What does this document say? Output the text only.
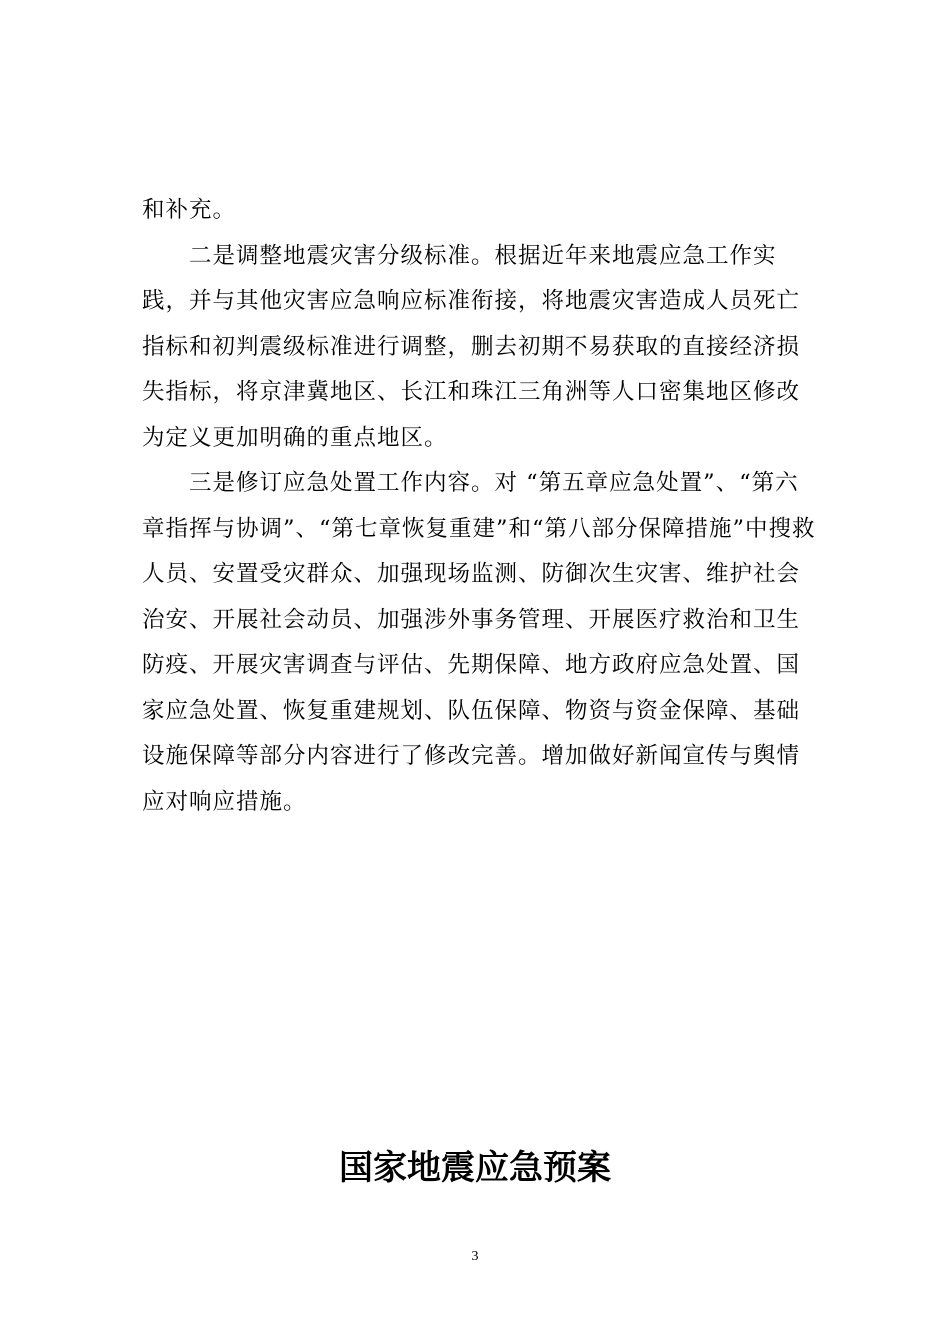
和补充。

二是调整地震灾害分级标准。根据近年来地震应急工作实践，并与其他灾害应急响应标准衔接，将地震灾害造成人员死亡指标和初判震级标准进行调整，删去初期不易获取的直接经济损失指标，将京津冀地区、长江和珠江三角洲等人口密集地区修改为定义更加明确的重点地区。

三是修订应急处置工作内容。对 “第五章应急处置”、“第六章指挥与协调”、“第七章恢复重建”和“第八部分保障措施”中搜救人员、安置受灾群众、加强现场监测、防御次生灾害、维护社会治安、开展社会动员、加强涉外事务管理、开展医疗救治和卫生防疫、开展灾害调查与评估、先期保障、地方政府应急处置、国家应急处置、恢复重建规划、队伍保障、物资与资金保障、基础设施保障等部分内容进行了修改完善。增加做好新闻宣传与舆情应对响应措施。

国家地震应急预案
3
